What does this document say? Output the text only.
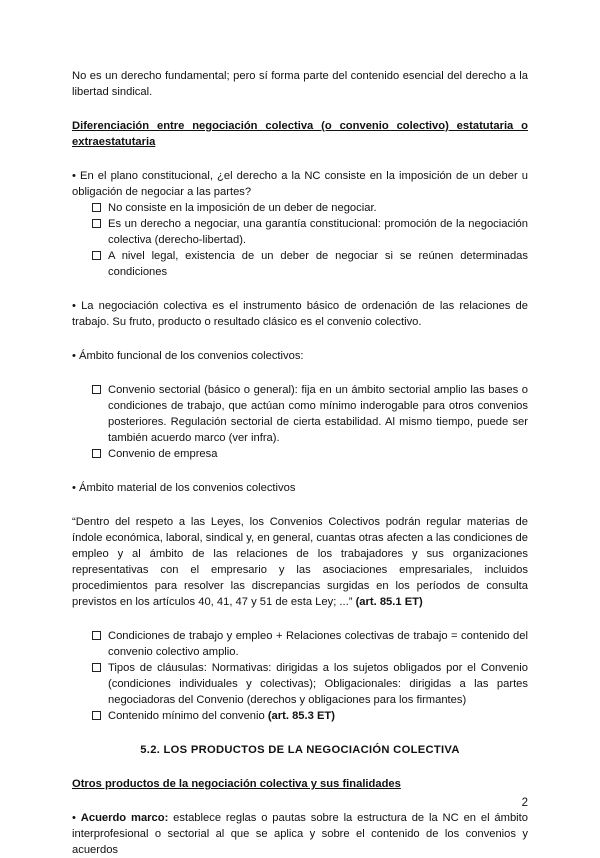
No es un derecho fundamental; pero sí forma parte del contenido esencial del derecho a la libertad sindical.

Diferenciación entre negociación colectiva (o convenio colectivo) estatutaria o extraestatutaria

• En el plano constitucional, ¿el derecho a la NC consiste en la imposición de un deber u obligación de negociar a las partes?

No consiste en la imposición de un deber de negociar.
Es un derecho a negociar, una garantía constitucional: promoción de la negociación colectiva (derecho-libertad).
A nivel legal, existencia de un deber de negociar si se reúnen determinadas condiciones

• La negociación colectiva es el instrumento básico de ordenación de las relaciones de trabajo. Su fruto, producto o resultado clásico es el convenio colectivo.

• Ámbito funcional de los convenios colectivos:

Convenio sectorial (básico o general): fija en un ámbito sectorial amplio las bases o condiciones de trabajo, que actúan como mínimo inderogable para otros convenios posteriores. Regulación sectorial de cierta estabilidad. Al mismo tiempo, puede ser también acuerdo marco (ver infra).
Convenio de empresa

• Ámbito material de los convenios colectivos

“Dentro del respeto a las Leyes, los Convenios Colectivos podrán regular materias de índole económica, laboral, sindical y, en general, cuantas otras afecten a las condiciones de empleo y al ámbito de las relaciones de los trabajadores y sus organizaciones representativas con el empresario y las asociaciones empresariales, incluidos procedimientos para resolver las discrepancias surgidas en los períodos de consulta previstos en los artículos 40, 41, 47 y 51 de esta Ley; ...” (art. 85.1 ET)

Condiciones de trabajo y empleo + Relaciones colectivas de trabajo = contenido del convenio colectivo amplio.
Tipos de cláusulas: Normativas: dirigidas a los sujetos obligados por el Convenio (condiciones individuales y colectivas); Obligacionales: dirigidas a las partes negociadoras del Convenio (derechos y obligaciones para los firmantes)
Contenido mínimo del convenio (art. 85.3 ET)

5.2. LOS PRODUCTOS DE LA NEGOCIACIÓN COLECTIVA

Otros productos de la negociación colectiva y sus finalidades

• Acuerdo marco: establece reglas o pautas sobre la estructura de la NC en el ámbito interprofesional o sectorial al que se aplica y sobre el contenido de los convenios y acuerdos

2
